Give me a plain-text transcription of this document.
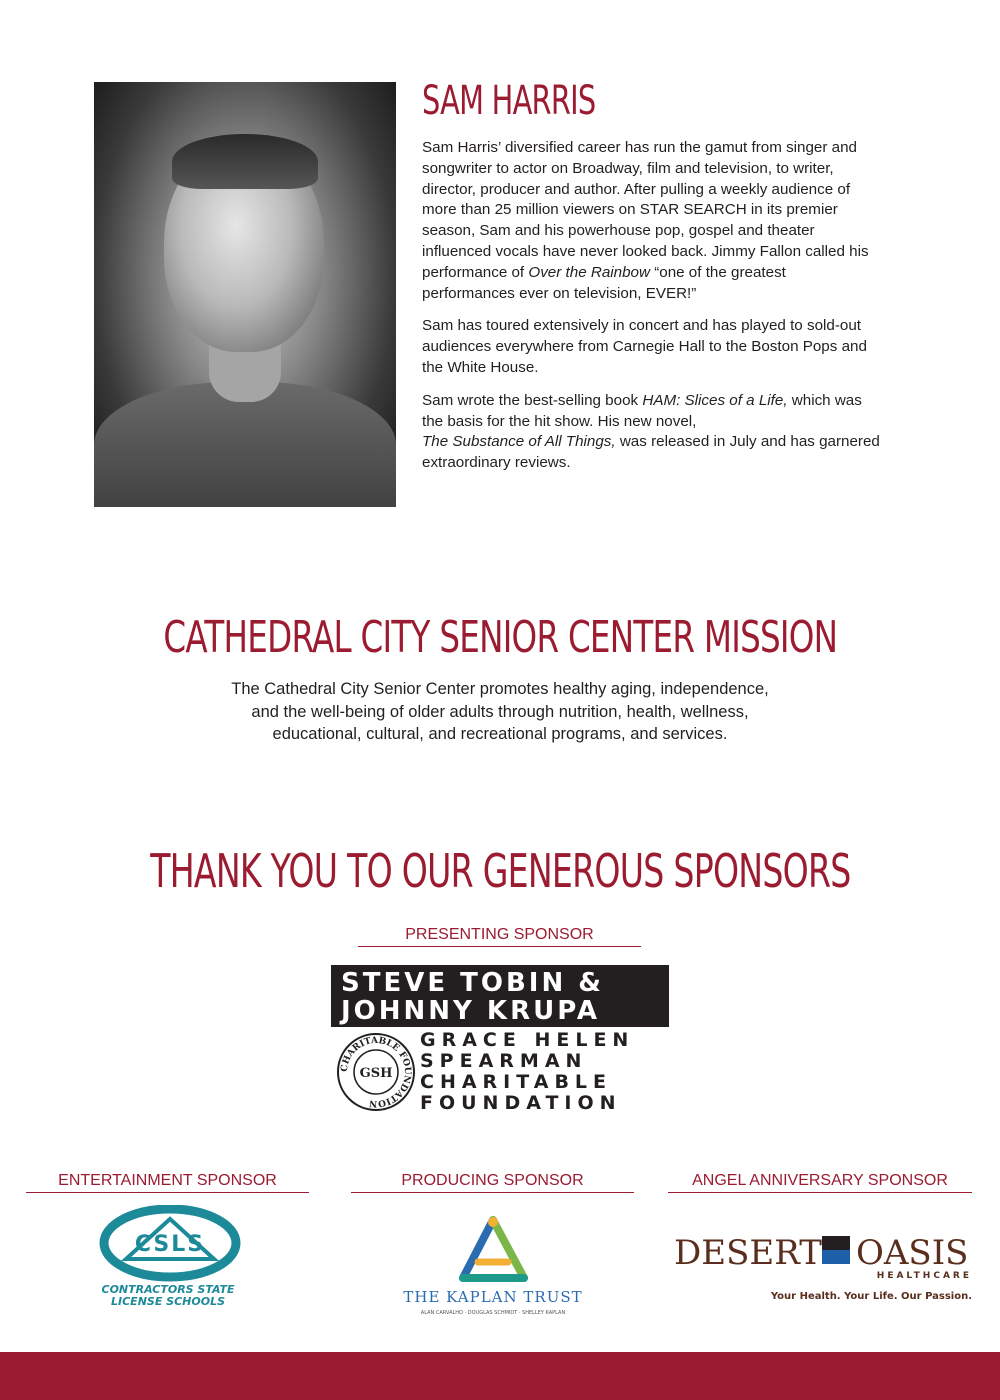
SAM HARRIS

Sam Harris’ diversified career has run the gamut from singer and songwriter to actor on Broadway, film and television, to writer, director, producer and author. After pulling a weekly audience of more than 25 million viewers on STAR SEARCH in its premier season, Sam and his powerhouse pop, gospel and theater influenced vocals have never looked back. Jimmy Fallon called his performance of Over the Rainbow “one of the greatest performances ever on television, EVER!”

Sam has toured extensively in concert and has played to sold-out audiences everywhere from Carnegie Hall to the Boston Pops and the White House.

Sam wrote the best-selling book HAM: Slices of a Life, which was the basis for the hit show. His new novel,
The Substance of All Things, was released in July and has garnered extraordinary reviews.

CATHEDRAL CITY SENIOR CENTER MISSION
The Cathedral City Senior Center promotes healthy aging, independence,
and the well-being of older adults through nutrition, health, wellness,
educational, cultural, and recreational programs, and services.
THANK YOU TO OUR GENEROUS SPONSORS
PRESENTING SPONSOR
STEVE TOBIN &
JOHNNY KRUPA
CHARITABLE FOUNDATION
GSH
GRACE HELEN
SPEARMAN
CHARITABLE
FOUNDATION
ENTERTAINMENT SPONSOR	PRODUCING SPONSOR	ANGEL ANNIVERSARY SPONSOR
CSLS
CONTRACTORS STATE
LICENSE SCHOOLS	THE KAPLAN TRUST
ALAN CARVALHO · DOUGLAS SCHMIDT · SHELLEY KAPLAN
DESERT OASIS
HEALTHCARE
Your Health. Your Life. Our Passion.
